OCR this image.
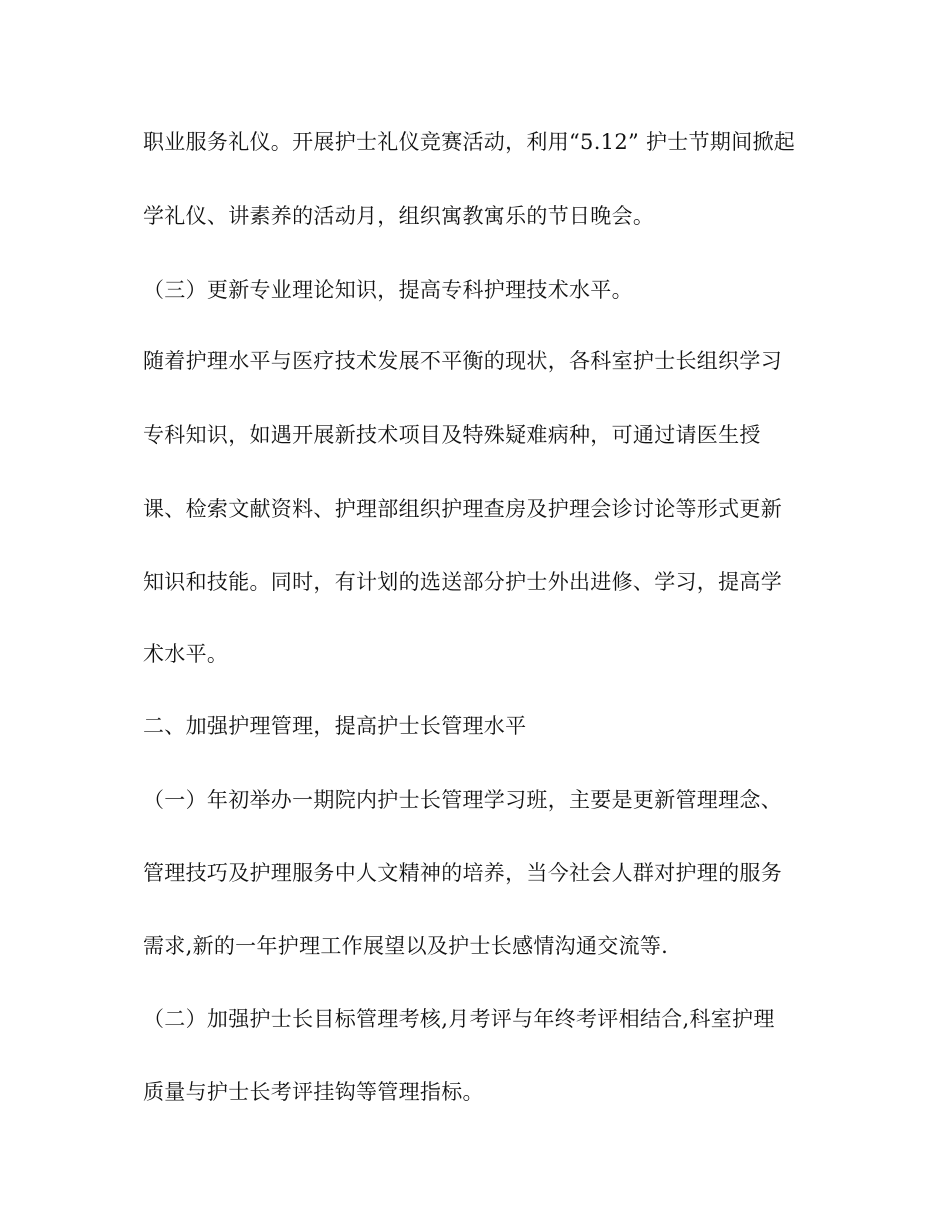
职业服务礼仪。开展护士礼仪竞赛活动，利用“5.12” 护士节期间掀起
学礼仪、讲素养的活动月，组织寓教寓乐的节日晚会。
（三）更新专业理论知识，提高专科护理技术水平。
随着护理水平与医疗技术发展不平衡的现状，各科室护士长组织学习
专科知识，如遇开展新技术项目及特殊疑难病种，可通过请医生授
课、检索文献资料、护理部组织护理查房及护理会诊讨论等形式更新
知识和技能。同时，有计划的选送部分护士外出进修、学习，提高学
术水平。
二、加强护理管理，提高护士长管理水平
（一）年初举办一期院内护士长管理学习班，主要是更新管理理念、
管理技巧及护理服务中人文精神的培养，当今社会人群对护理的服务
需求,新的一年护理工作展望以及护士长感情沟通交流等.
（二）加强护士长目标管理考核,月考评与年终考评相结合,科室护理
质量与护士长考评挂钩等管理指标。
